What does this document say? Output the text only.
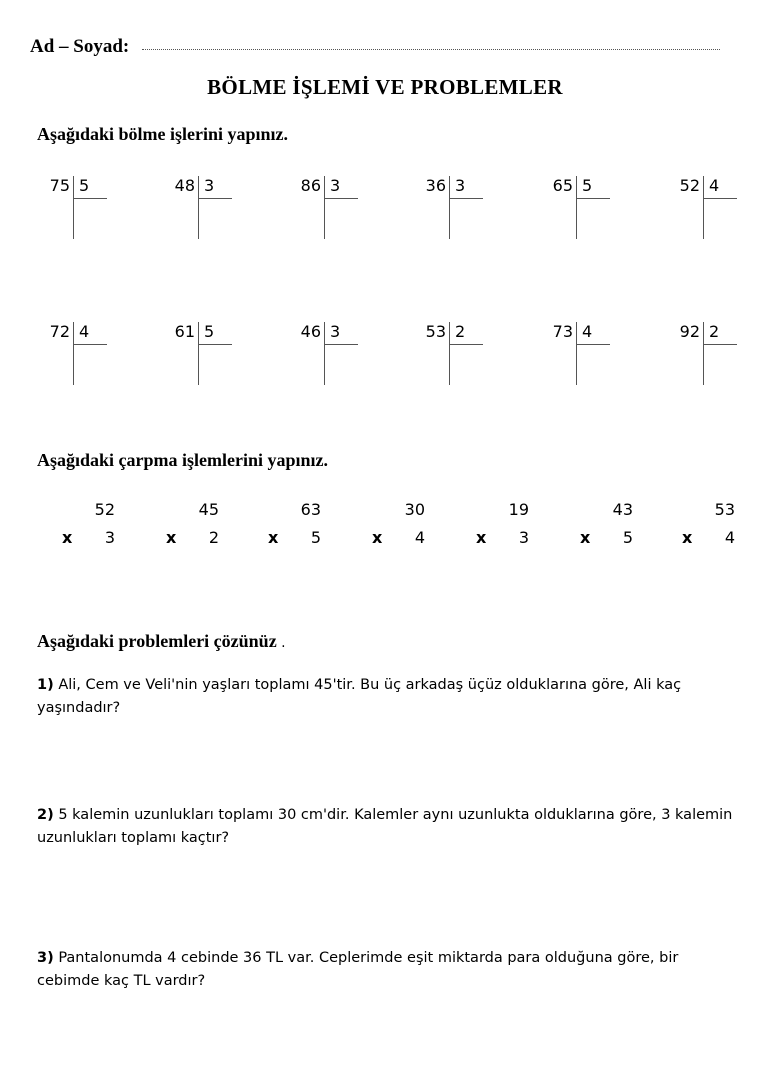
Ad – Soyad:
BÖLME İŞLEMİ VE PROBLEMLER
Aşağıdaki bölme işlerini yapınız.
75 5	48 3	86 3	36 3	65 5	52 4
72 4	61 5	46 3	53 2	73 4	92 2
Aşağıdaki çarpma işlemlerini yapınız.
52
x 3
45
x 2
63
x 5
30
x 4
19
x 3
43
x 5
53
x 4
Aşağıdaki problemleri çözünüz .
1) Ali, Cem ve Veli'nin yaşları toplamı 45'tir. Bu üç arkadaş üçüz olduklarına göre, Ali kaç yaşındadır?
2) 5 kalemin uzunlukları toplamı 30 cm'dir. Kalemler aynı uzunlukta olduklarına göre, 3 kalemin uzunlukları toplamı kaçtır?
3) Pantalonumda 4 cebinde 36 TL var. Ceplerimde eşit miktarda para olduğuna göre, bir cebimde kaç TL vardır?
